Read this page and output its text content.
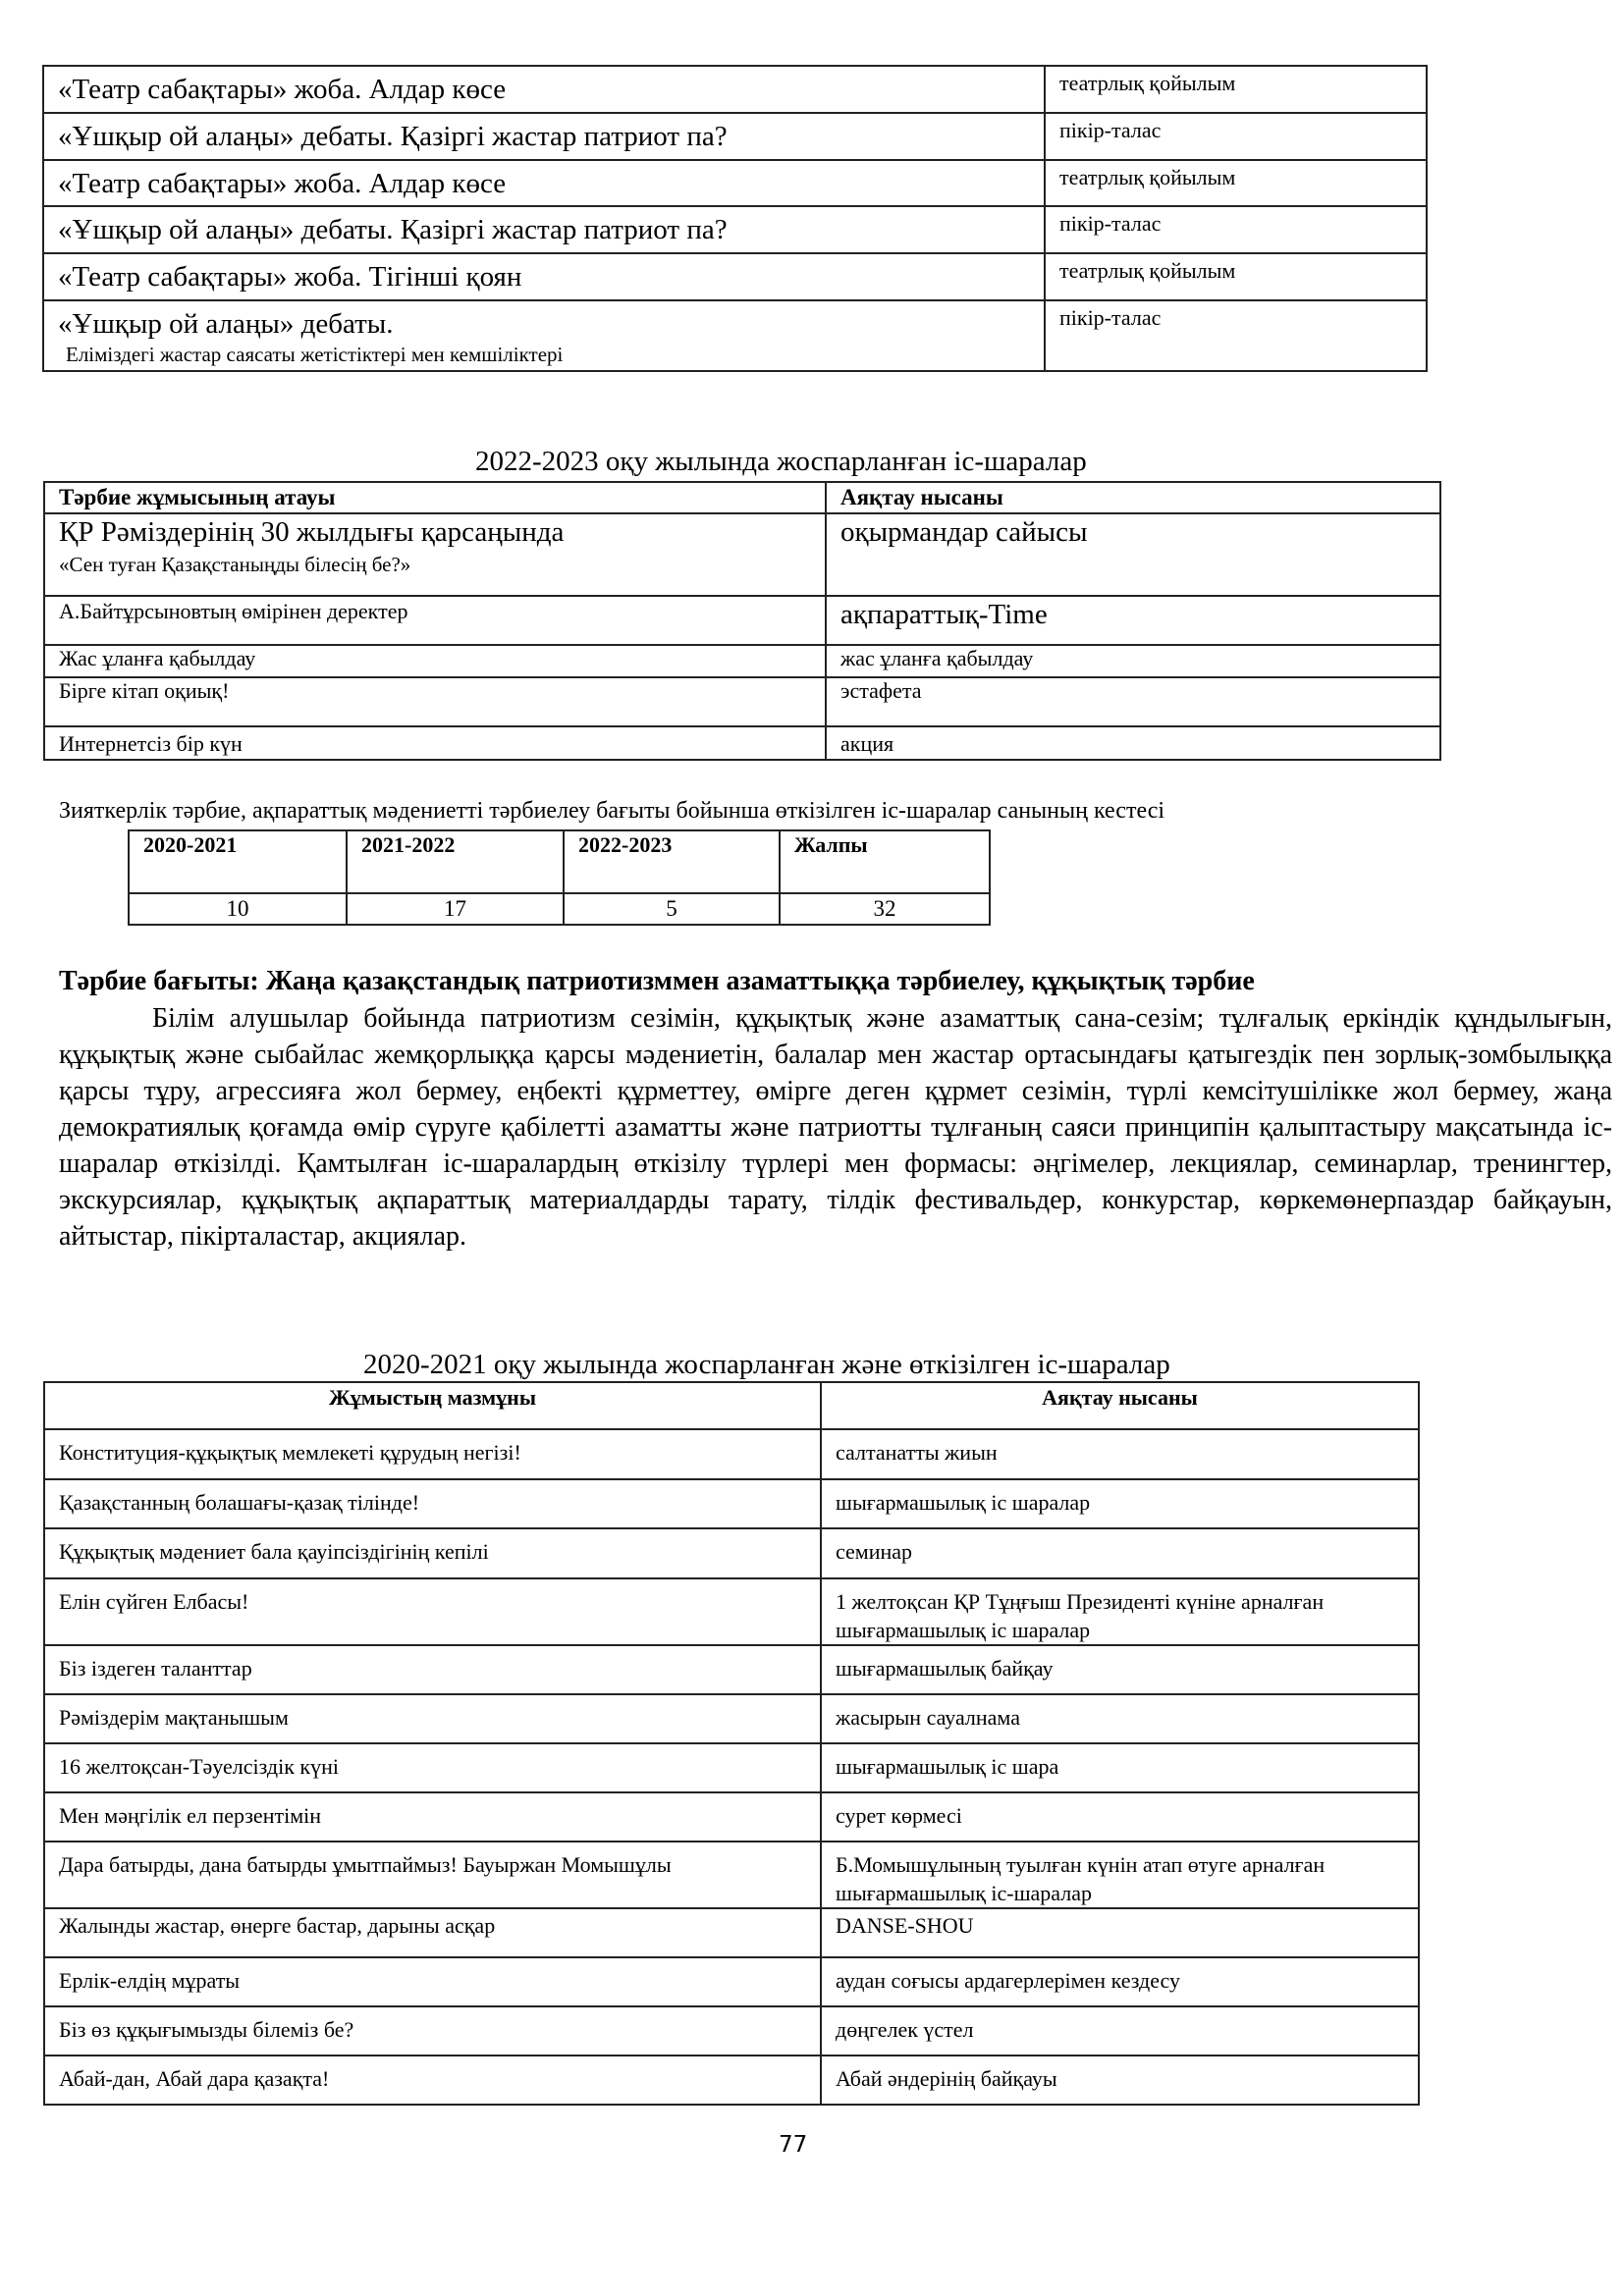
«Театр сабақтары» жоба. Алдар көсе	театрлық қойылым
«Ұшқыр ой алаңы» дебаты. Қазіргі жастар патриот па?	пікір-талас
«Театр сабақтары» жоба. Алдар көсе	театрлық қойылым
«Ұшқыр ой алаңы» дебаты. Қазіргі жастар патриот па?	пікір-талас
«Театр сабақтары» жоба. Тігінші қоян	театрлық қойылым
«Ұшқыр ой алаңы» дебаты.
Еліміздегі жастар саясаты жетістіктері мен кемшіліктері	пікір-талас
2022-2023 оқу жылында жоспарланған іс-шаралар
Тәрбие жұмысының атауы	Аяқтау нысаны

ҚР Рәміздерінің 30 жылдығы қарсаңында
«Сен туған Қазақстаныңды білесің бе?»	оқырмандар сайысы
А.Байтұрсыновтың өмірінен деректер	ақпараттық-Time
Жас ұланға қабылдау	жас ұланға қабылдау
Бірге кітап оқиық!	эстафета
Интернетсіз бір күн	акция
Зияткерлік тәрбие, ақпараттық мәдениетті тәрбиелеу бағыты бойынша өткізілген іс-шаралар санының кестесі
2020-2021	2021-2022	2022-2023	Жалпы
10	17	5	32
Тәрбие бағыты: Жаңа қазақстандық патриотизммен азаматтыққа тәрбиелеу, құқықтық тәрбие
Білім алушылар бойында патриотизм сезімін, құқықтық және азаматтық сана-сезім; тұлғалық еркіндік құндылығын, құқықтық және сыбайлас жемқорлыққа қарсы мәдениетін, балалар мен жастар ортасындағы қатыгездік пен зорлық-зомбылыққа қарсы тұру, агрессияға жол бермеу, еңбекті құрметтеу, өмірге деген құрмет сезімін, түрлі кемсітушілікке жол бермеу, жаңа демократиялық қоғамда өмір сүруге қабілетті азаматты және патриотты тұлғаның саяси принципін қалыптастыру мақсатында іс-шаралар өткізілді. Қамтылған іс-шаралардың өткізілу түрлері мен формасы: әңгімелер, лекциялар, семинарлар, тренингтер, экскурсиялар, құқықтық ақпараттық материалдарды тарату, тілдік фестивальдер, конкурстар, көркемөнерпаздар байқауын, айтыстар, пікірталастар, акциялар.
2020-2021 оқу жылында жоспарланған және өткізілген іс-шаралар
Жұмыстың мазмұны	Аяқтау нысаны
Конституция-құқықтық мемлекеті құрудың негізі!	салтанатты жиын
Қазақстанның болашағы-қазақ тілінде!	шығармашылық іс шаралар
Құқықтық мәдениет бала қауіпсіздігінің кепілі	семинар
Елін сүйген Елбасы!	1 желтоқсан ҚР Тұңғыш Президенті күніне арналған шығармашылық іс шаралар
Біз іздеген таланттар	шығармашылық байқау
Рәміздерім мақтанышым	жасырын сауалнама
16 желтоқсан-Тәуелсіздік күні	шығармашылық іс шара
Мен мәңгілік ел перзентімін	сурет көрмесі
Дара батырды, дана батырды ұмытпаймыз! Бауыржан Момышұлы	Б.Момышұлының туылған күнін атап өтуге арналған шығармашылық іс-шаралар
Жалынды жастар, өнерге бастар, дарыны асқар	DANSE-SHOU
Ерлік-елдің мұраты	аудан соғысы ардагерлерімен кездесу
Біз өз құқығымызды білеміз бе?	дөңгелек үстел
Абай-дан, Абай дара қазақта!	Абай әндерінің байқауы
77
